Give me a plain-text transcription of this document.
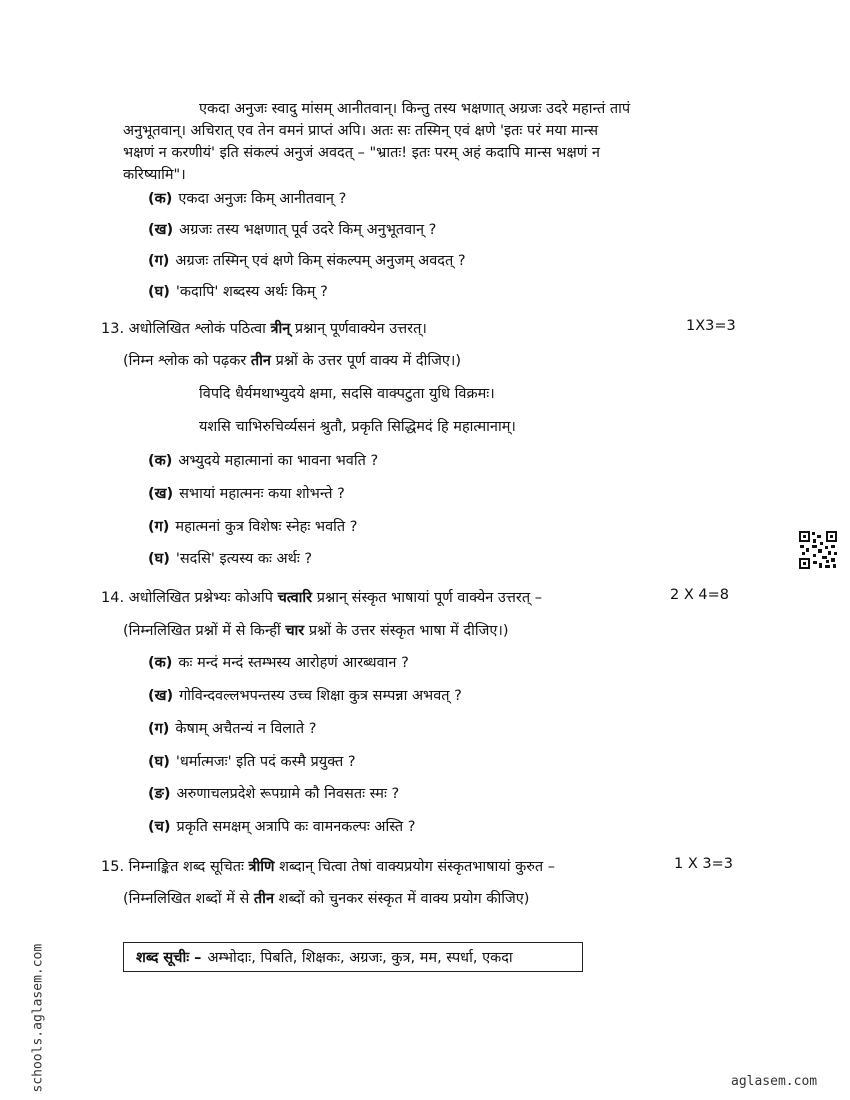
एकदा अनुजः स्वादु मांसम् आनीतवान्। किन्तु तस्य भक्षणात् अग्रजः उदरे महान्तं तापं

अनुभूतवान्। अचिरात् एव तेन वमनं प्राप्तं अपि। अतः सः तस्मिन् एवं क्षणे 'इतः परं मया मान्स

भक्षणं न करणीयं' इति संकल्पं अनुजं अवदत् – "भ्रातः! इतः परम् अहं कदापि मान्स भक्षणं न

करिष्यामि"।

(क) एकदा अनुजः किम् आनीतवान् ?
(ख) अग्रजः तस्य भक्षणात् पूर्व उदरे किम् अनुभूतवान् ?
(ग) अग्रजः तस्मिन् एवं क्षणे किम् संकल्पम् अनुजम् अवदत् ?
(घ) 'कदापि' शब्दस्य अर्थः किम् ?
13. अधोलिखित श्लोकं पठित्वा त्रीन् प्रश्नान् पूर्णवाक्येन उत्तरत्।	1X3=3
(निम्न श्लोक को पढ़कर तीन प्रश्नों के उत्तर पूर्ण वाक्य में दीजिए।)
विपदि धैर्यमथाभ्युदये क्षमा, सदसि वाक्पटुता युधि विक्रमः।
यशसि चाभिरुचिर्व्यसनं श्रुतौ, प्रकृति सिद्धिमदं हि महात्मानाम्।
(क) अभ्युदये महात्मानां का भावना भवति ?
(ख) सभायां महात्मनः कया शोभन्ते ?
(ग) महात्मनां कुत्र विशेषः स्नेहः भवति ?
(घ) 'सदसि' इत्यस्य कः अर्थः ?
14. अधोलिखित प्रश्नेभ्यः कोअपि चत्वारि प्रश्नान् संस्कृत भाषायां पूर्ण वाक्येन उत्तरत् –	2 X 4=8
(निम्नलिखित प्रश्नों में से किन्हीं चार प्रश्नों के उत्तर संस्कृत भाषा में दीजिए।)
(क) कः मन्दं मन्दं स्तम्भस्य आरोहणं आरब्धवान ?
(ख) गोविन्दवल्लभपन्तस्य उच्च शिक्षा कुत्र सम्पन्ना अभवत् ?
(ग) केषाम् अचैतन्यं न विलाते ?
(घ) 'धर्मात्मजः' इति पदं कस्मै प्रयुक्त ?
(ङ) अरुणाचलप्रदेशे रूपग्रामे कौ निवसतः स्मः ?
(च) प्रकृति समक्षम् अत्रापि कः वामनकल्पः अस्ति ?
15. निम्नाङ्कित शब्द सूचितः त्रीणि शब्दान् चित्वा तेषां वाक्यप्रयोग संस्कृतभाषायां कुरुत –	1 X 3=3
(निम्नलिखित शब्दों में से तीन शब्दों को चुनकर संस्कृत में वाक्य प्रयोग कीजिए)
शब्द सूचीः – अम्भोदाः, पिबति, शिक्षकः, अग्रजः, कुत्र, मम, स्पर्धा, एकदा
schools.aglasem.com	aglasem.com
